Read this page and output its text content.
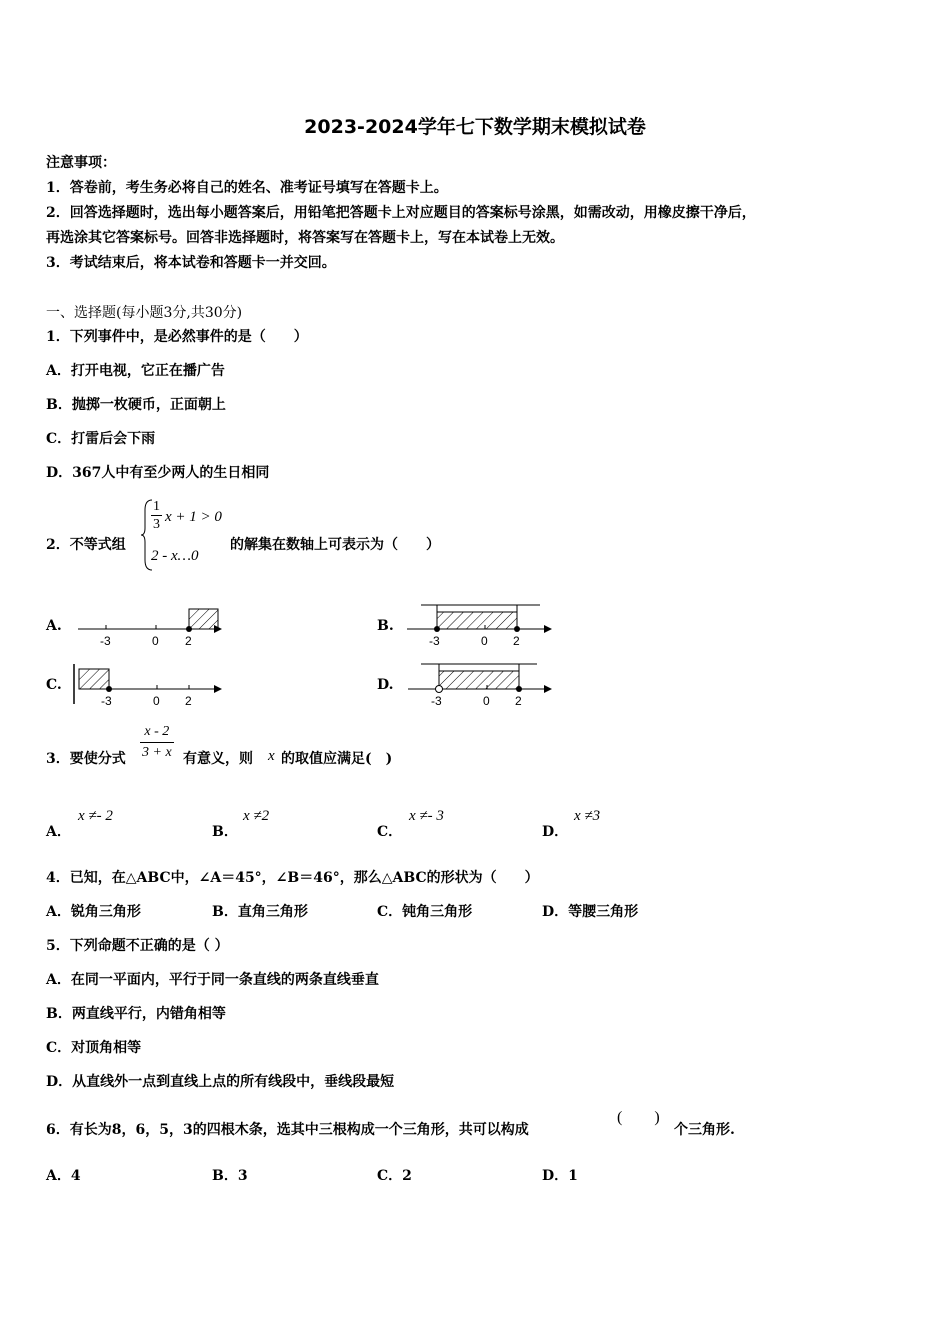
2023-2024学年七下数学期末模拟试卷
注意事项：
1．答卷前，考生务必将自己的姓名、准考证号填写在答题卡上。
2．回答选择题时，选出每小题答案后，用铅笔把答题卡上对应题目的答案标号涂黑，如需改动，用橡皮擦干净后，
再选涂其它答案标号。回答非选择题时，将答案写在答题卡上，写在本试卷上无效。
3．考试结束后，将本试卷和答题卡一并交回。
一、选择题(每小题3分,共30分)
1．下列事件中，是必然事件的是（　　）
A．打开电视，它正在播广告
B．抛掷一枚硬币，正面朝上
C．打雷后会下雨
D．367人中有至少两人的生日相同
2．不等式组
$\frac{1}{3}$ x + 1 > 0
2 - x…0
的解集在数轴上可表示为（　　）
A.	B.
C.	D.
-3	0 2	-3	0 2
-3	0 2	-3	0 2
3．要使分式 $\frac{x - 2}{3 + x}$ 有意义，则 x 的取值应满足(　)
A．
x ≠- 2
B．
x ≠2
C．
x ≠- 3
D．
x ≠3
4．已知，在△ABC中，∠A＝45°，∠B＝46°，那么△ABC的形状为（　　）
A．锐角三角形	B．直角三角形	C．钝角三角形	D．等腰三角形
5．下列命题不正确的是（ ）
A．在同一平面内，平行于同一条直线的两条直线垂直
B．两直线平行，内错角相等
C．对顶角相等
D．从直线外一点到直线上点的所有线段中，垂线段最短
6．有长为8，6，5，3的四根木条，选其中三根构成一个三角形，共可以构成
(　　)
个三角形.
A．4	B．3	C．2	D．1
